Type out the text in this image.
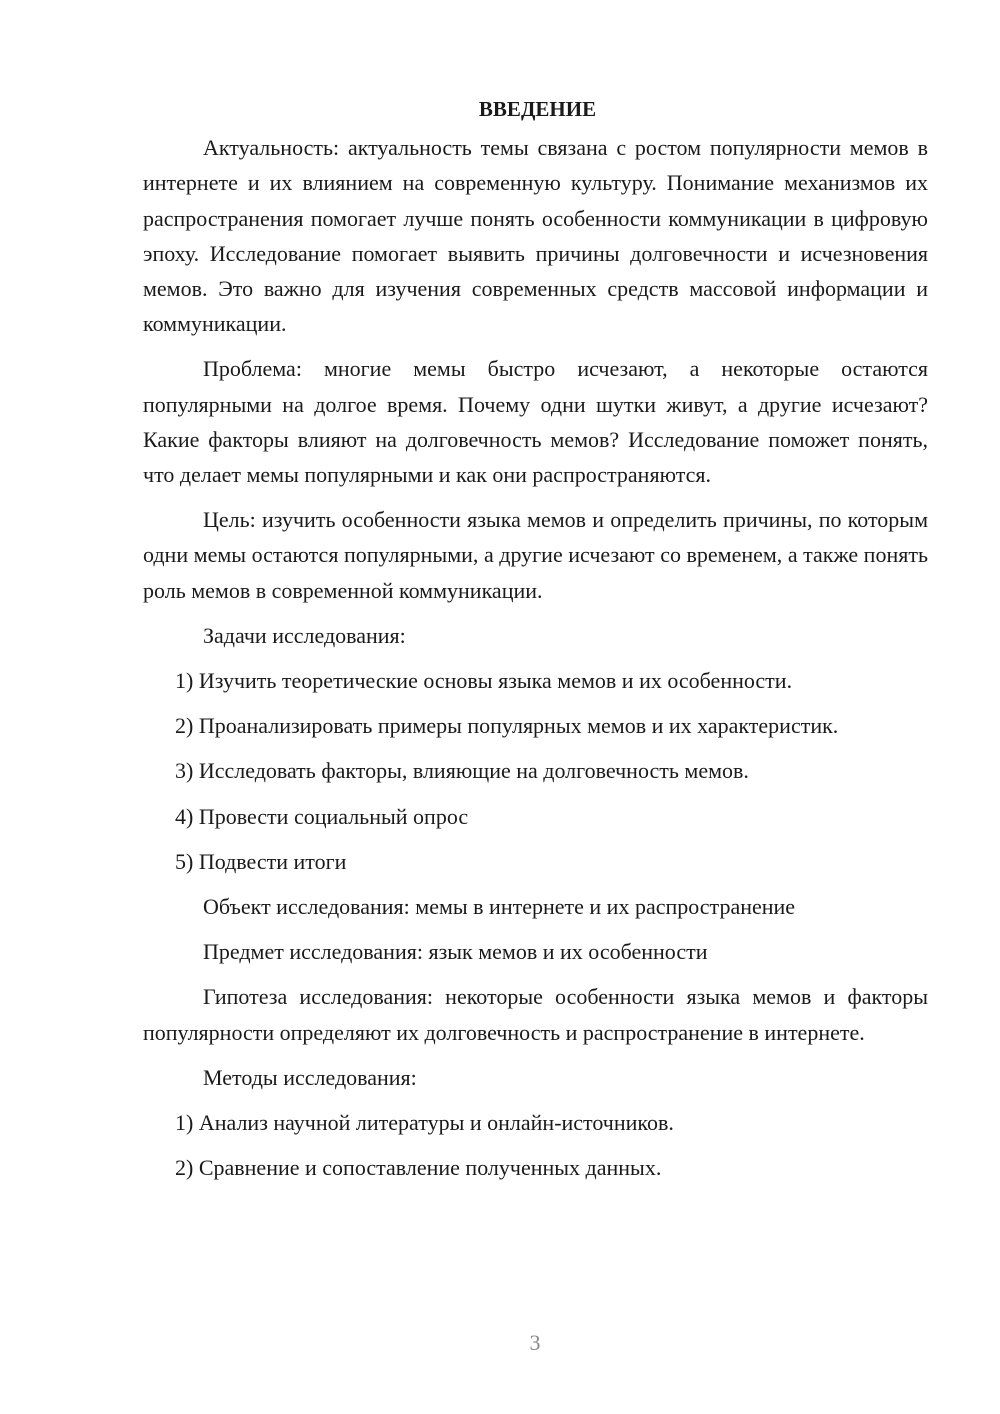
ВВЕДЕНИЕ

Актуальность: актуальность темы связана с ростом популярности мемов в интернете и их влиянием на современную культуру. Понимание механизмов их распространения помогает лучше понять особенности коммуникации в цифровую эпоху. Исследование помогает выявить причины долговечности и исчезновения мемов. Это важно для изучения современных средств массовой информации и коммуникации.

Проблема: многие мемы быстро исчезают, а некоторые остаются популярными на долгое время. Почему одни шутки живут, а другие исчезают? Какие факторы влияют на долговечность мемов? Исследование поможет понять, что делает мемы популярными и как они распространяются.

Цель: изучить особенности языка мемов и определить причины, по которым одни мемы остаются популярными, а другие исчезают со временем, а также понять роль мемов в современной коммуникации.

Задачи исследования:

1) Изучить теоретические основы языка мемов и их особенности.

2) Проанализировать примеры популярных мемов и их характеристик.

3) Исследовать факторы, влияющие на долговечность мемов.

4) Провести социальный опрос

5) Подвести итоги

Объект исследования: мемы в интернете и их распространение

Предмет исследования: язык мемов и их особенности

Гипотеза исследования: некоторые особенности языка мемов и факторы популярности определяют их долговечность и распространение в интернете.

Методы исследования:

1) Анализ научной литературы и онлайн-источников.

2) Сравнение и сопоставление полученных данных.

3
